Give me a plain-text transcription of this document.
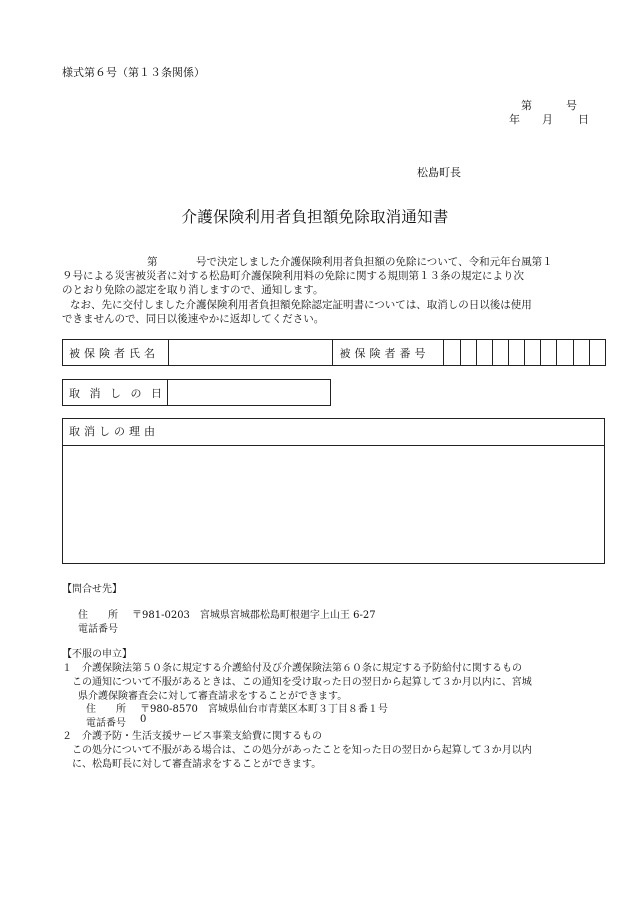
様式第６号（第１３条関係）
第	号
年 月 日
松島町長
介護保険利用者負担額免除取消通知書
第	号で決定しました介護保険利用者負担額の免除について、令和元年台風第１
９号による災害被災者に対する松島町介護保険利用料の免除に関する規則第１３条の規定により次
のとおり免除の認定を取り消しますので、通知します。
なお、先に交付しました介護保険利用者負担額免除認定証明書については、取消しの日以後は使用
できませんので、同日以後速やかに返却してください。
被保険者氏名		被保険者番号										
取 消 し の 日	
取消しの理由
【問合せ先】
住　　所 〒981-0203　宮城県宮城郡松島町根廻字上山王 6-27
電話番号
【不服の申立】
１　介護保険法第５０条に規定する介護給付及び介護保険法第６０条に規定する予防給付に関するもの
この通知について不服があるときは、この通知を受け取った日の翌日から起算して３か月以内に、宮城
県介護保険審査会に対して審査請求をすることができます。
住　　所 〒980-8570　宮城県仙台市青葉区本町３丁目８番１号
電話番号 0
２　介護予防・生活支援サービス事業支給費に関するもの
この処分について不服がある場合は、この処分があったことを知った日の翌日から起算して３か月以内
に、松島町長に対して審査請求をすることができます。
